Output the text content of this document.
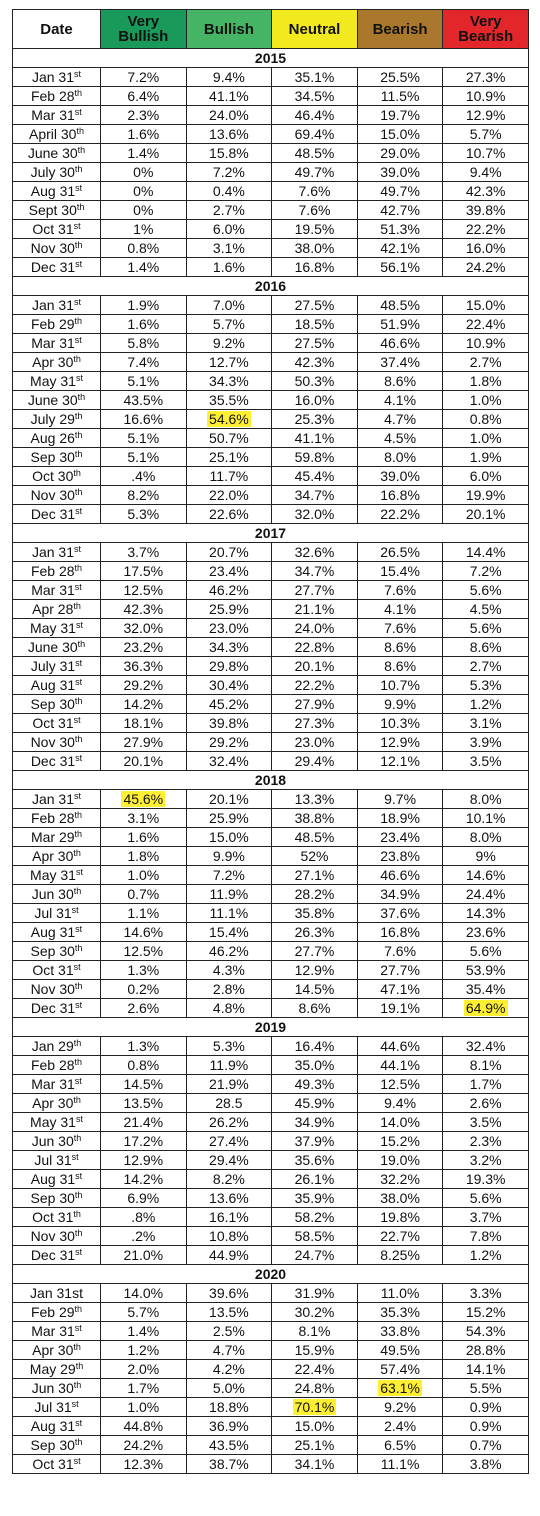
Date	Very Bullish	Bullish	Neutral	Bearish	Very Bearish
2015					
Jan 31st	7.2%	9.4%	35.1%	25.5%	27.3%
Feb 28th	6.4%	41.1%	34.5%	11.5%	10.9%
Mar 31st	2.3%	24.0%	46.4%	19.7%	12.9%
April 30th	1.6%	13.6%	69.4%	15.0%	5.7%
June 30th	1.4%	15.8%	48.5%	29.0%	10.7%
July 30th	0%	7.2%	49.7%	39.0%	9.4%
Aug 31st	0%	0.4%	7.6%	49.7%	42.3%
Sept 30th	0%	2.7%	7.6%	42.7%	39.8%
Oct 31st	1%	6.0%	19.5%	51.3%	22.2%
Nov 30th	0.8%	3.1%	38.0%	42.1%	16.0%
Dec 31st	1.4%	1.6%	16.8%	56.1%	24.2%
2016					
Jan 31st	1.9%	7.0%	27.5%	48.5%	15.0%
Feb 29th	1.6%	5.7%	18.5%	51.9%	22.4%
Mar 31st	5.8%	9.2%	27.5%	46.6%	10.9%
Apr 30th	7.4%	12.7%	42.3%	37.4%	2.7%
May 31st	5.1%	34.3%	50.3%	8.6%	1.8%
June 30th	43.5%	35.5%	16.0%	4.1%	1.0%
July 29th	16.6%	54.6%	25.3%	4.7%	0.8%
Aug 26th	5.1%	50.7%	41.1%	4.5%	1.0%
Sep 30th	5.1%	25.1%	59.8%	8.0%	1.9%
Oct 30th	.4%	11.7%	45.4%	39.0%	6.0%
Nov 30th	8.2%	22.0%	34.7%	16.8%	19.9%
Dec 31st	5.3%	22.6%	32.0%	22.2%	20.1%
2017					
Jan 31st	3.7%	20.7%	32.6%	26.5%	14.4%
Feb 28th	17.5%	23.4%	34.7%	15.4%	7.2%
Mar 31st	12.5%	46.2%	27.7%	7.6%	5.6%
Apr 28th	42.3%	25.9%	21.1%	4.1%	4.5%
May 31st	32.0%	23.0%	24.0%	7.6%	5.6%
June 30th	23.2%	34.3%	22.8%	8.6%	8.6%
July 31st	36.3%	29.8%	20.1%	8.6%	2.7%
Aug 31st	29.2%	30.4%	22.2%	10.7%	5.3%
Sep 30th	14.2%	45.2%	27.9%	9.9%	1.2%
Oct 31st	18.1%	39.8%	27.3%	10.3%	3.1%
Nov 30th	27.9%	29.2%	23.0%	12.9%	3.9%
Dec 31st	20.1%	32.4%	29.4%	12.1%	3.5%
2018					
Jan 31st	45.6%	20.1%	13.3%	9.7%	8.0%
Feb 28th	3.1%	25.9%	38.8%	18.9%	10.1%
Mar 29th	1.6%	15.0%	48.5%	23.4%	8.0%
Apr 30th	1.8%	9.9%	52%	23.8%	9%
May 31st	1.0%	7.2%	27.1%	46.6%	14.6%
Jun 30th	0.7%	11.9%	28.2%	34.9%	24.4%
Jul 31st	1.1%	11.1%	35.8%	37.6%	14.3%
Aug 31st	14.6%	15.4%	26.3%	16.8%	23.6%
Sep 30th	12.5%	46.2%	27.7%	7.6%	5.6%
Oct 31st	1.3%	4.3%	12.9%	27.7%	53.9%
Nov 30th	0.2%	2.8%	14.5%	47.1%	35.4%
Dec 31st	2.6%	4.8%	8.6%	19.1%	64.9%
2019					
Jan 29th	1.3%	5.3%	16.4%	44.6%	32.4%
Feb 28th	0.8%	11.9%	35.0%	44.1%	8.1%
Mar 31st	14.5%	21.9%	49.3%	12.5%	1.7%
Apr 30th	13.5%	28.5	45.9%	9.4%	2.6%
May 31st	21.4%	26.2%	34.9%	14.0%	3.5%
Jun 30th	17.2%	27.4%	37.9%	15.2%	2.3%
Jul 31st	12.9%	29.4%	35.6%	19.0%	3.2%
Aug 31st	14.2%	8.2%	26.1%	32.2%	19.3%
Sep 30th	6.9%	13.6%	35.9%	38.0%	5.6%
Oct 31th	.8%	16.1%	58.2%	19.8%	3.7%
Nov 30th	.2%	10.8%	58.5%	22.7%	7.8%
Dec 31st	21.0%	44.9%	24.7%	8.25%	1.2%
2020					
Jan 31st	14.0%	39.6%	31.9%	11.0%	3.3%
Feb 29th	5.7%	13.5%	30.2%	35.3%	15.2%
Mar 31st	1.4%	2.5%	8.1%	33.8%	54.3%
Apr 30th	1.2%	4.7%	15.9%	49.5%	28.8%
May 29th	2.0%	4.2%	22.4%	57.4%	14.1%
Jun 30th	1.7%	5.0%	24.8%	63.1%	5.5%
Jul 31st	1.0%	18.8%	70.1%	9.2%	0.9%
Aug 31st	44.8%	36.9%	15.0%	2.4%	0.9%
Sep 30th	24.2%	43.5%	25.1%	6.5%	0.7%
Oct 31st	12.3%	38.7%	34.1%	11.1%	3.8%
